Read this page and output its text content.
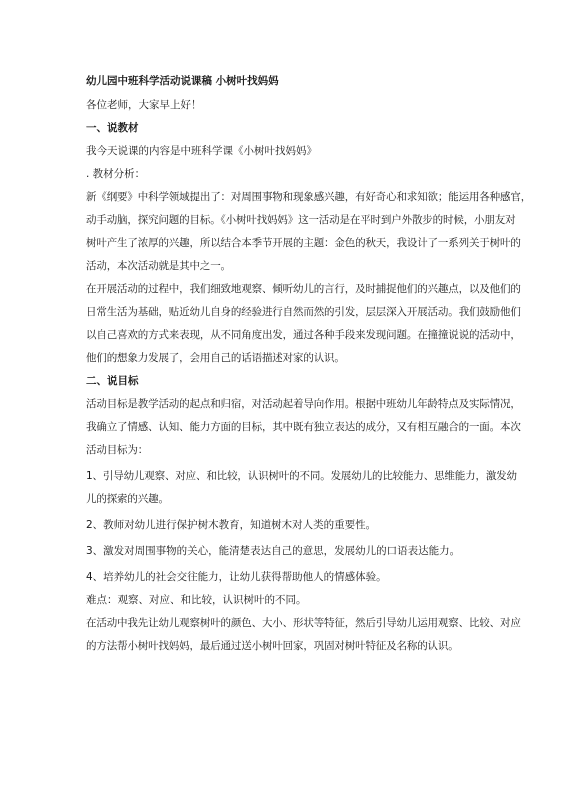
幼儿园中班科学活动说课稿 小树叶找妈妈
各位老师，大家早上好！
一、说教材
我今天说课的内容是中班科学课《小树叶找妈妈》
. 教材分析：
新《纲要》中科学领域提出了：对周围事物和现象感兴趣，有好奇心和求知欲；能运用各种感官，
动手动脑，探究问题的目标。《小树叶找妈妈》这一活动是在平时到户外散步的时候，小朋友对
树叶产生了浓厚的兴趣，所以结合本季节开展的主题：金色的秋天，我设计了一系列关于树叶的
活动，本次活动就是其中之一。
在开展活动的过程中，我们细致地观察、倾听幼儿的言行，及时捕捉他们的兴趣点，以及他们的
日常生活为基础，贴近幼儿自身的经验进行自然而然的引发，层层深入开展活动。我们鼓励他们
以自己喜欢的方式来表现，从不同角度出发，通过各种手段来发现问题。在撞撞说说的活动中，
他们的想象力发展了，会用自己的话语描述对家的认识。
二、说目标
活动目标是教学活动的起点和归宿，对活动起着导向作用。根据中班幼儿年龄特点及实际情况，
我确立了情感、认知、能力方面的目标，其中既有独立表达的成分，又有相互融合的一面。本次
活动目标为：
1、引导幼儿观察、对应、和比较，认识树叶的不同。发展幼儿的比较能力、思维能力，激发幼
儿的探索的兴趣。
2、教师对幼儿进行保护树木教育，知道树木对人类的重要性。
3、激发对周围事物的关心，能清楚表达自己的意思，发展幼儿的口语表达能力。
4、培养幼儿的社会交往能力，让幼儿获得帮助他人的情感体验。
难点：观察、对应、和比较，认识树叶的不同。
在活动中我先让幼儿观察树叶的颜色、大小、形状等特征，然后引导幼儿运用观察、比较、对应
的方法帮小树叶找妈妈，最后通过送小树叶回家，巩固对树叶特征及名称的认识。
